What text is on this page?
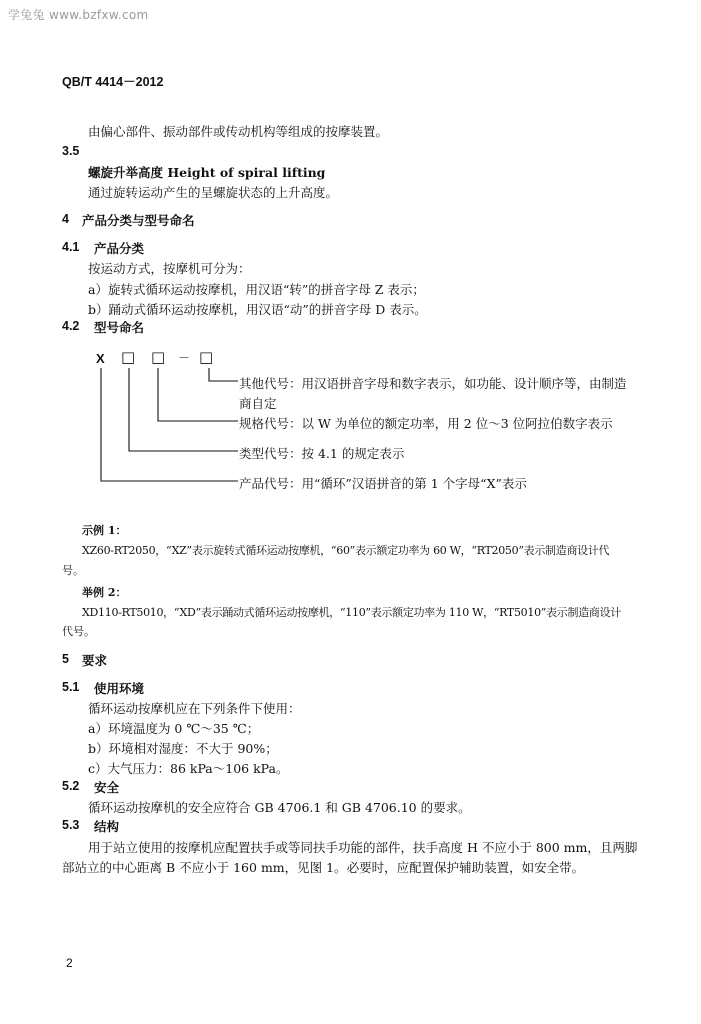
学兔兔 www.bzfxw.com
QB/T 4414－2012
由偏心部件、振动部件或传动机构等组成的按摩装置。
3.5
螺旋升举高度 Height of spiral lifting
通过旋转运动产生的呈螺旋状态的上升高度。
4 产品分类与型号命名
4.1 产品分类
按运动方式，按摩机可分为：
a）旋转式循环运动按摩机，用汉语“转”的拼音字母 Z 表示；
b）踊动式循环运动按摩机，用汉语“动”的拼音字母 D 表示。
4.2 型号命名
X □ □ － □
其他代号：用汉语拼音字母和数字表示，如功能、设计顺序等，由制造
商自定
规格代号：以 W 为单位的额定功率，用 2 位～3 位阿拉伯数字表示
类型代号：按 4.1 的规定表示
产品代号：用“循环”汉语拼音的第 1 个字母“X”表示
示例 1：
XZ60-RT2050，“XZ”表示旋转式循环运动按摩机，“60”表示额定功率为 60 W，“RT2050”表示制造商设计代
号。
举例 2：
XD110-RT5010，“XD”表示踊动式循环运动按摩机，“110”表示额定功率为 110 W，“RT5010”表示制造商设计
代号。
5 要求
5.1 使用环境
循环运动按摩机应在下列条件下使用：
a）环境温度为 0 ℃～35 ℃；
b）环境相对湿度：不大于 90%；
c）大气压力：86 kPa～106 kPa。
5.2 安全
循环运动按摩机的安全应符合 GB 4706.1 和 GB 4706.10 的要求。
5.3 结构
用于站立使用的按摩机应配置扶手或等同扶手功能的部件，扶手高度 H 不应小于 800 mm，且两脚
部站立的中心距离 B 不应小于 160 mm，见图 1。必要时，应配置保护辅助装置，如安全带。
2
